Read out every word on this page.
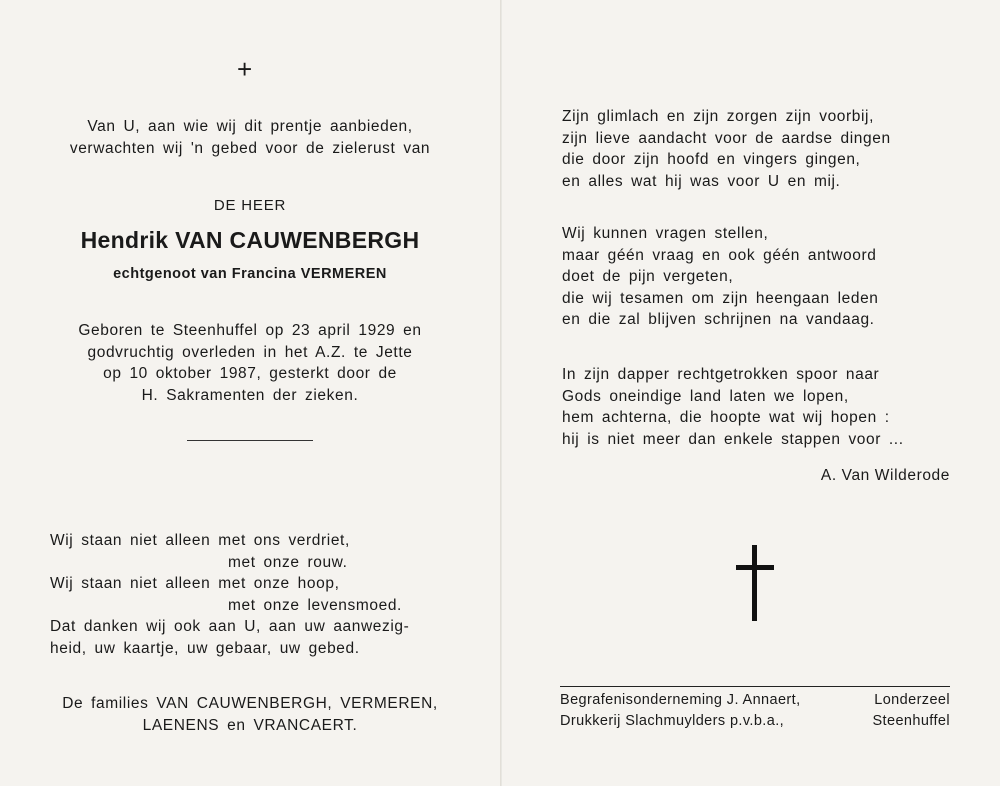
+
Van U, aan wie wij dit prentje aanbieden,
verwachten wij 'n gebed voor de zielerust van
DE HEER
Hendrik VAN CAUWENBERGH
echtgenoot van Francina VERMEREN
Geboren te Steenhuffel op 23 april 1929 en
godvruchtig overleden in het A.Z. te Jette
op 10 oktober 1987, gesterkt door de
H. Sakramenten der zieken.
Wij staan niet alleen met ons verdriet,
met onze rouw.
Wij staan niet alleen met onze hoop,
met onze levensmoed.
Dat danken wij ook aan U, aan uw aanwezig-
heid, uw kaartje, uw gebaar, uw gebed.
De families VAN CAUWENBERGH, VERMEREN,
LAENENS en VRANCAERT.
Zijn glimlach en zijn zorgen zijn voorbij,
zijn lieve aandacht voor de aardse dingen
die door zijn hoofd en vingers gingen,
en alles wat hij was voor U en mij.
Wij kunnen vragen stellen,
maar géén vraag en ook géén antwoord
doet de pijn vergeten,
die wij tesamen om zijn heengaan leden
en die zal blijven schrijnen na vandaag.
In zijn dapper rechtgetrokken spoor naar
Gods oneindige land laten we lopen,
hem achterna, die hoopte wat wij hopen :
hij is niet meer dan enkele stappen voor ...
A. Van Wilderode
Begrafenisonderneming J. Annaert,	Londerzeel
Drukkerij Slachmuylders p.v.b.a.,	Steenhuffel
